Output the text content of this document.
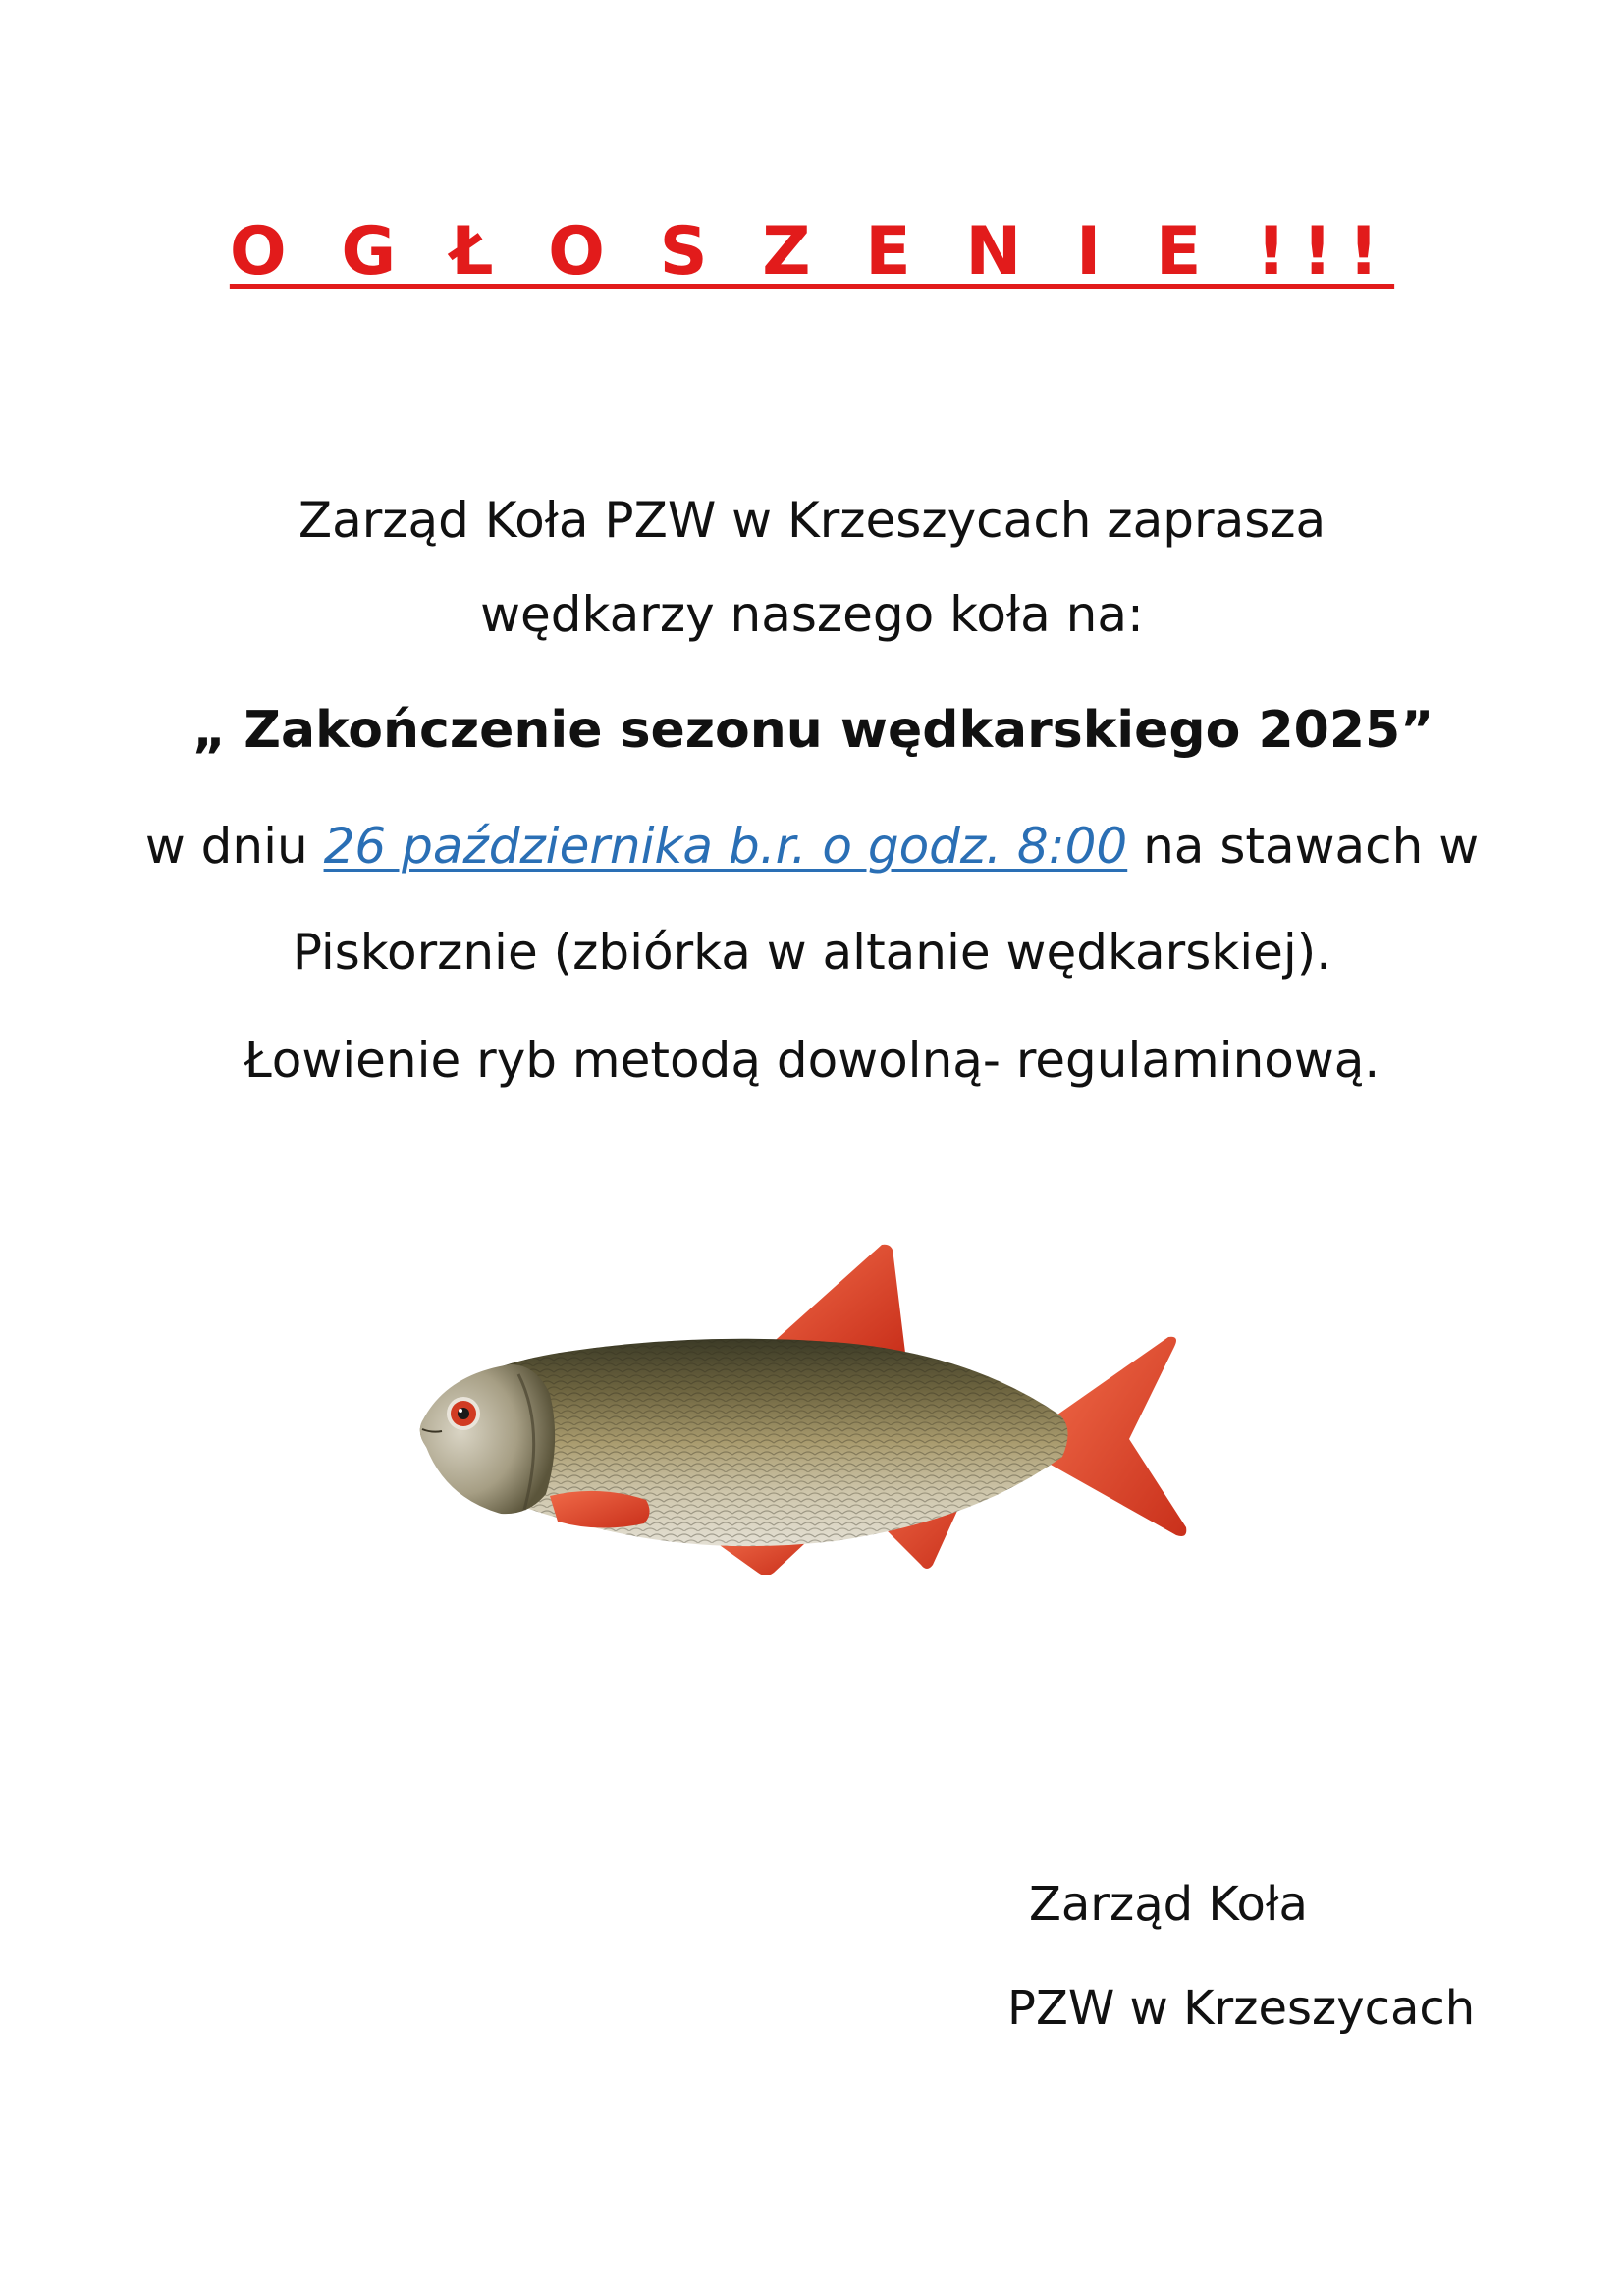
O G Ł O S Z E N I E !!!
Zarząd Koła PZW w Krzeszycach zaprasza
wędkarzy naszego koła na:
„ Zakończenie sezonu wędkarskiego 2025”
w dniu 26 października b.r. o godz. 8:00 na stawach w
Piskorznie (zbiórka w altanie wędkarskiej).
Łowienie ryb metodą dowolną- regulaminową.
Zarząd Koła
PZW w Krzeszycach
